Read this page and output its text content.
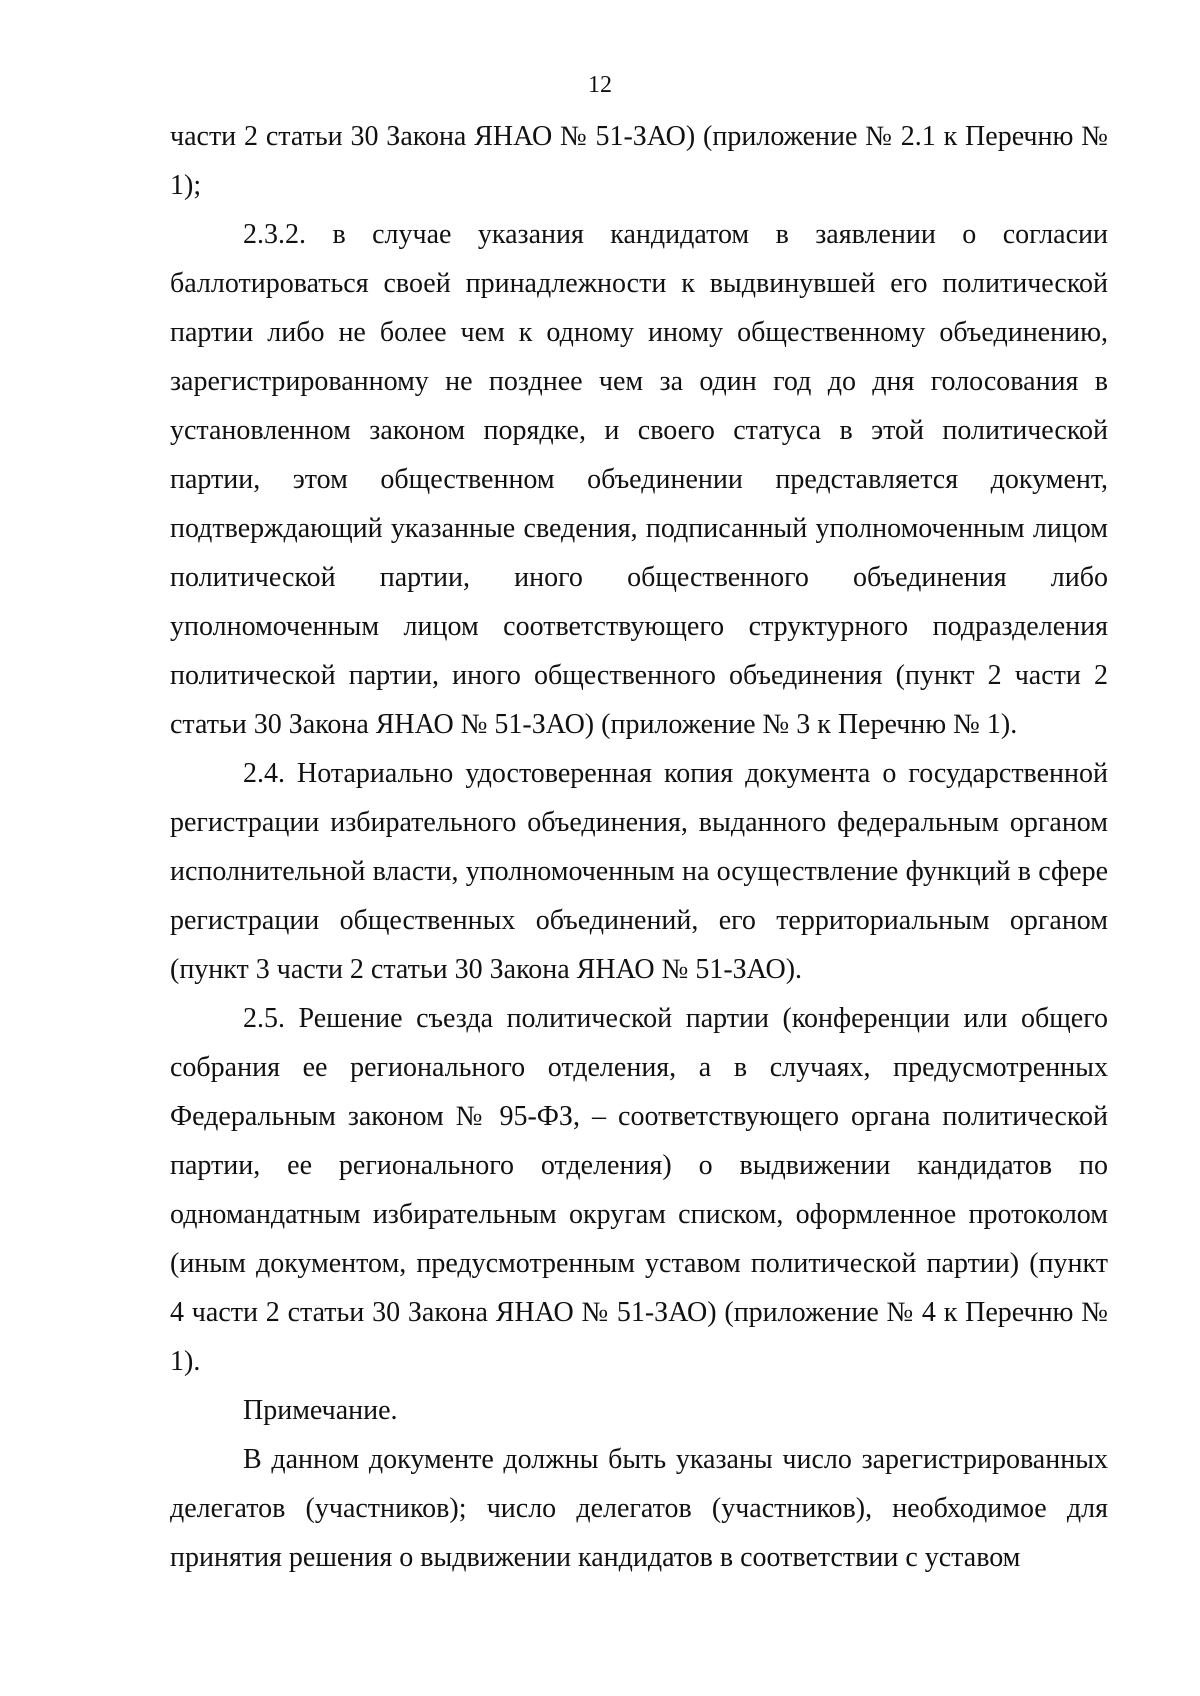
12

части 2 статьи 30 Закона ЯНАО № 51-ЗАО) (приложение № 2.1 к Перечню № 1);

2.3.2. в случае указания кандидатом в заявлении о согласии баллотироваться своей принадлежности к выдвинувшей его политической партии либо не более чем к одному иному общественному объединению, зарегистрированному не позднее чем за один год до дня голосования в установленном законом порядке, и своего статуса в этой политической партии, этом общественном объединении представляется документ, подтверждающий указанные сведения, подписанный уполномоченным лицом политической партии, иного общественного объединения либо уполномоченным лицом соответствующего структурного подразделения политической партии, иного общественного объединения (пункт 2 части 2 статьи 30 Закона ЯНАО № 51-ЗАО) (приложение № 3 к Перечню № 1).

2.4. Нотариально удостоверенная копия документа о государственной регистрации избирательного объединения, выданного федеральным органом исполнительной власти, уполномоченным на осуществление функций в сфере регистрации общественных объединений, его территориальным органом (пункт 3 части 2 статьи 30 Закона ЯНАО № 51-ЗАО).

2.5. Решение съезда политической партии (конференции или общего собрания ее регионального отделения, а в случаях, предусмотренных Федеральным законом № 95-ФЗ, – соответствующего органа политической партии, ее регионального отделения) о выдвижении кандидатов по одномандатным избирательным округам списком, оформленное протоколом (иным документом, предусмотренным уставом политической партии) (пункт 4 части 2 статьи 30 Закона ЯНАО № 51-ЗАО) (приложение № 4 к Перечню № 1).

Примечание.

В данном документе должны быть указаны число зарегистрированных делегатов (участников); число делегатов (участников), необходимое для принятия решения о выдвижении кандидатов в соответствии с уставом
